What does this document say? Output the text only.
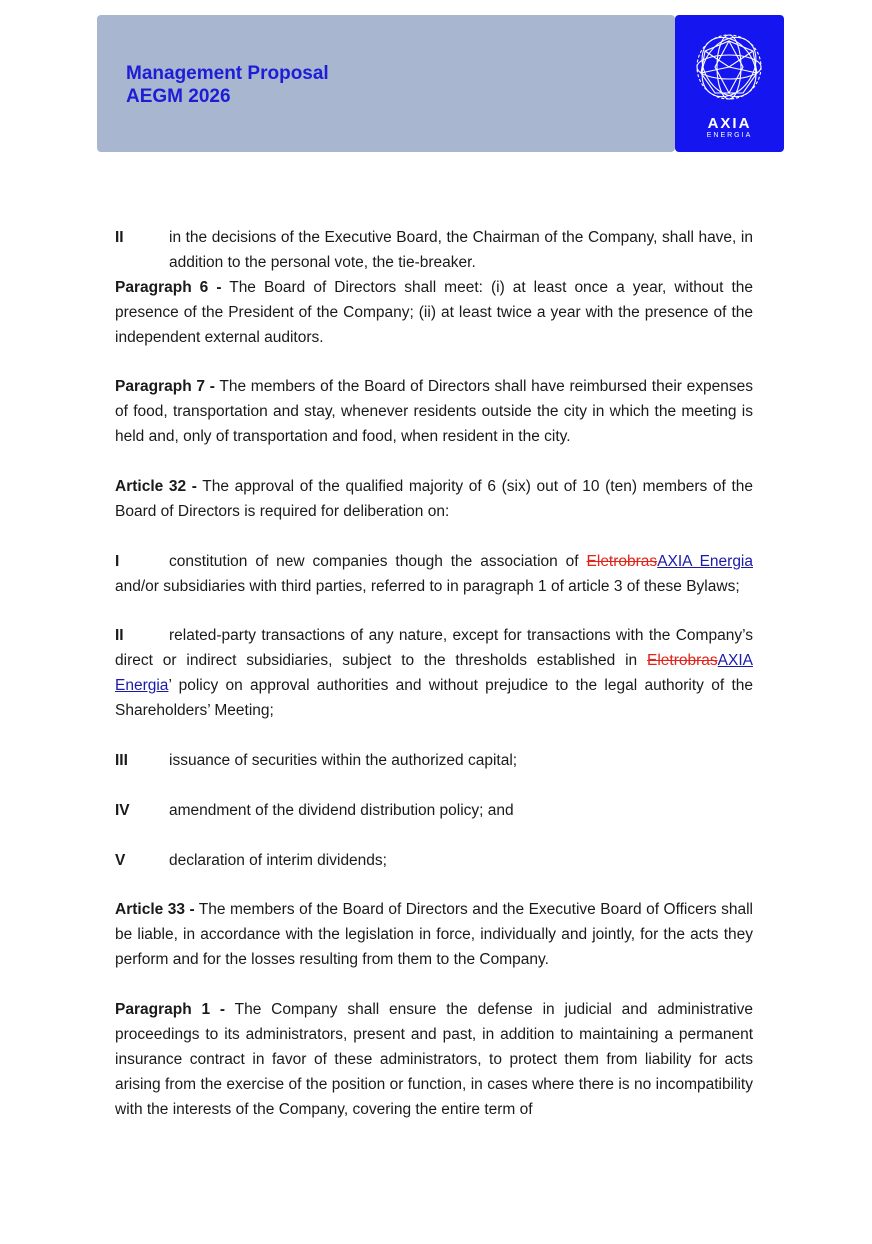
Management Proposal
AEGM 2026
AXIA
ENERGIA
II	in the decisions of the Executive Board, the Chairman of the Company, shall have, in addition to the personal vote, the tie-breaker.

Paragraph 6 - The Board of Directors shall meet: (i) at least once a year, without the presence of the President of the Company; (ii) at least twice a year with the presence of the independent external auditors.

Paragraph 7 - The members of the Board of Directors shall have reimbursed their expenses of food, transportation and stay, whenever residents outside the city in which the meeting is held and, only of transportation and food, when resident in the city.

Article 32 - The approval of the qualified majority of 6 (six) out of 10 (ten) members of the Board of Directors is required for deliberation on:

I	constitution of new companies though the association of EletrobrasAXIA Energia and/or subsidiaries with third parties, referred to in paragraph 1 of article 3 of these Bylaws;

II	related-party transactions of any nature, except for transactions with the Company’s direct or indirect subsidiaries, subject to the thresholds established in EletrobrasAXIA Energia’ policy on approval authorities and without prejudice to the legal authority of the Shareholders’ Meeting;

III	issuance of securities within the authorized capital;
IV	amendment of the dividend distribution policy; and
V	declaration of interim dividends;

Article 33 - The members of the Board of Directors and the Executive Board of Officers shall be liable, in accordance with the legislation in force, individually and jointly, for the acts they perform and for the losses resulting from them to the Company.

Paragraph 1 - The Company shall ensure the defense in judicial and administrative proceedings to its administrators, present and past, in addition to maintaining a permanent insurance contract in favor of these administrators, to protect them from liability for acts arising from the exercise of the position or function, in cases where there is no incompatibility with the interests of the Company, covering the entire term of
